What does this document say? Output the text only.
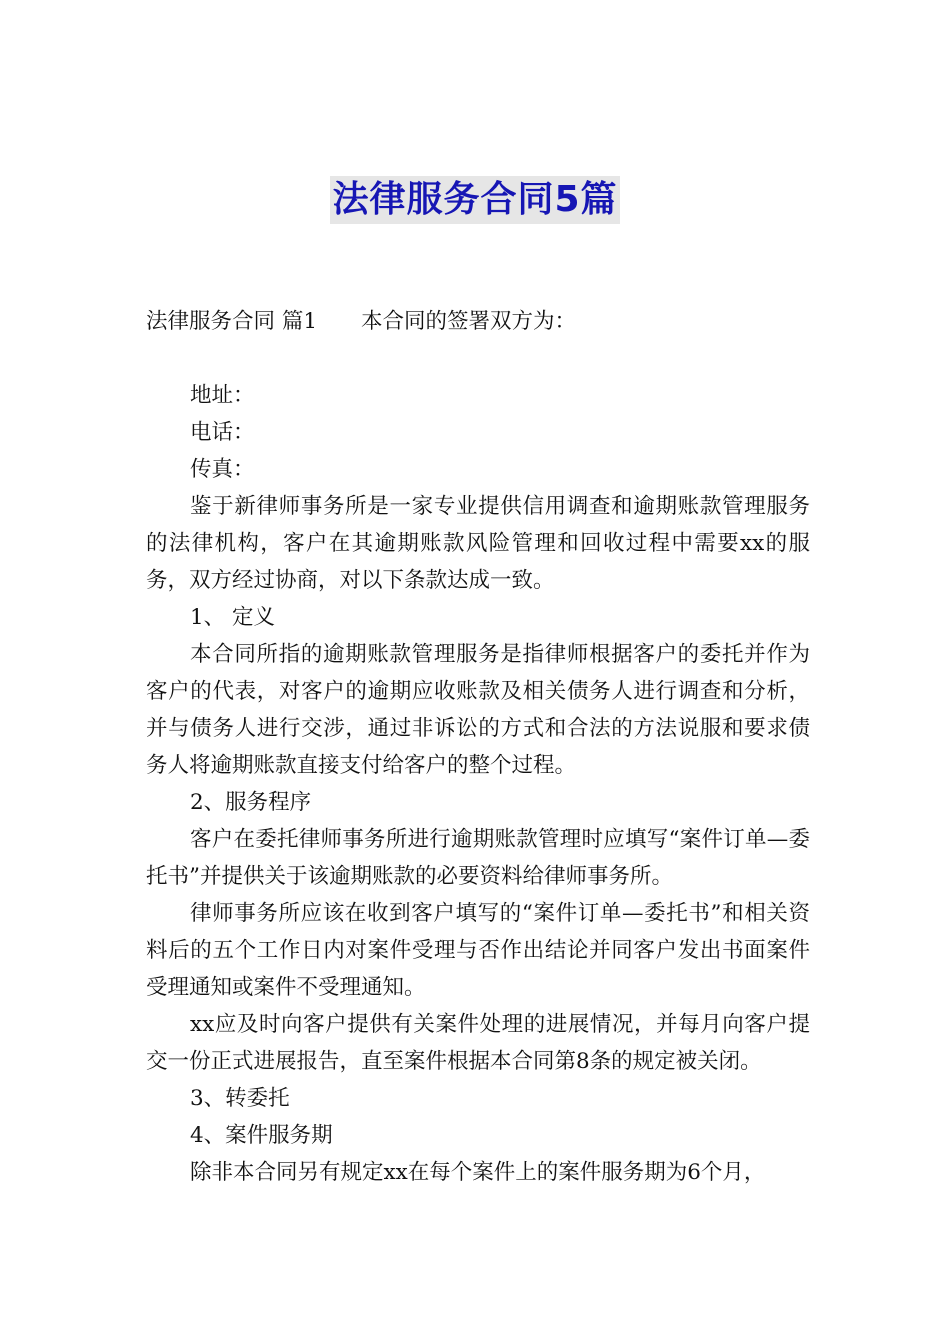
法律服务合同5篇

法律服务合同 篇1 本合同的签署双方为：

地址：

电话：

传真：

鉴于新律师事务所是一家专业提供信用调查和逾期账款管理服务的法律机构，客户在其逾期账款风险管理和回收过程中需要xx的服务，双方经过协商，对以下条款达成一致。

1、 定义

本合同所指的逾期账款管理服务是指律师根据客户的委托并作为客户的代表，对客户的逾期应收账款及相关债务人进行调查和分析，并与债务人进行交涉，通过非诉讼的方式和合法的方法说服和要求债务人将逾期账款直接支付给客户的整个过程。

2、服务程序

客户在委托律师事务所进行逾期账款管理时应填写“案件订单—委托书”并提供关于该逾期账款的必要资料给律师事务所。

律师事务所应该在收到客户填写的“案件订单—委托书”和相关资料后的五个工作日内对案件受理与否作出结论并同客户发出书面案件受理通知或案件不受理通知。

xx应及时向客户提供有关案件处理的进展情况，并每月向客户提交一份正式进展报告，直至案件根据本合同第8条的规定被关闭。

3、转委托

4、案件服务期

除非本合同另有规定xx在每个案件上的案件服务期为6个月，
